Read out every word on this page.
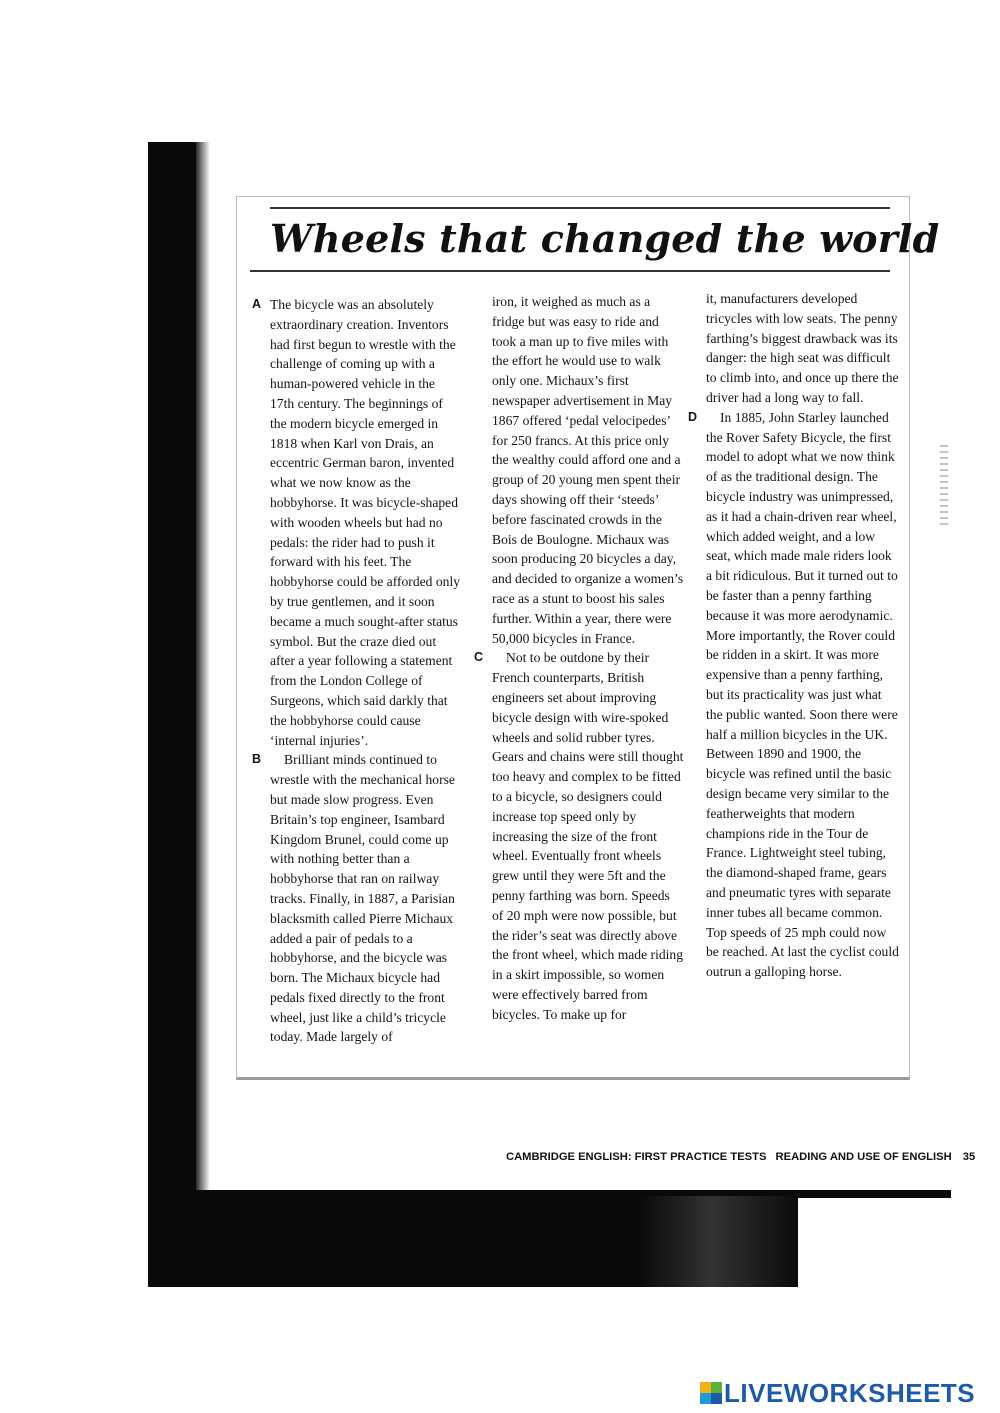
Wheels that changed the world

A The bicycle was an absolutely extraordinary creation. Inventors had first begun to wrestle with the challenge of coming up with a human-powered vehicle in the 17th century. The beginnings of the modern bicycle emerged in 1818 when Karl von Drais, an eccentric German baron, invented what we now know as the hobbyhorse. It was bicycle-shaped with wooden wheels but had no pedals: the rider had to push it forward with his feet. The hobbyhorse could be afforded only by true gentlemen, and it soon became a much sought-after status symbol. But the craze died out after a year following a statement from the London College of Surgeons, which said darkly that the hobbyhorse could cause ‘internal injuries’.

B Brilliant minds continued to wrestle with the mechanical horse but made slow progress. Even Britain’s top engineer, Isambard Kingdom Brunel, could come up with nothing better than a hobbyhorse that ran on railway tracks. Finally, in 1887, a Parisian blacksmith called Pierre Michaux added a pair of pedals to a hobbyhorse, and the bicycle was born. The Michaux bicycle had pedals fixed directly to the front wheel, just like a child’s tricycle today. Made largely of

iron, it weighed as much as a fridge but was easy to ride and took a man up to five miles with the effort he would use to walk only one. Michaux’s first newspaper advertisement in May 1867 offered ‘pedal velocipedes’ for 250 francs. At this price only the wealthy could afford one and a group of 20 young men spent their days showing off their ‘steeds’ before fascinated crowds in the Bois de Boulogne. Michaux was soon producing 20 bicycles a day, and decided to organize a women’s race as a stunt to boost his sales further. Within a year, there were 50,000 bicycles in France.

C Not to be outdone by their French counterparts, British engineers set about improving bicycle design with wire-spoked wheels and solid rubber tyres. Gears and chains were still thought too heavy and complex to be fitted to a bicycle, so designers could increase top speed only by increasing the size of the front wheel. Eventually front wheels grew until they were 5ft and the penny farthing was born. Speeds of 20 mph were now possible, but the rider’s seat was directly above the front wheel, which made riding in a skirt impossible, so women were effectively barred from bicycles. To make up for

it, manufacturers developed tricycles with low seats. The penny farthing’s biggest drawback was its danger: the high seat was difficult to climb into, and once up there the driver had a long way to fall.

D In 1885, John Starley launched the Rover Safety Bicycle, the first model to adopt what we now think of as the traditional design. The bicycle industry was unimpressed, as it had a chain-driven rear wheel, which added weight, and a low seat, which made male riders look a bit ridiculous. But it turned out to be faster than a penny farthing because it was more aerodynamic. More importantly, the Rover could be ridden in a skirt. It was more expensive than a penny farthing, but its practicality was just what the public wanted. Soon there were half a million bicycles in the UK. Between 1890 and 1900, the bicycle was refined until the basic design became very similar to the featherweights that modern champions ride in the Tour de France. Lightweight steel tubing, the diamond-shaped frame, gears and pneumatic tyres with separate inner tubes all became common. Top speeds of 25 mph could now be reached. At last the cyclist could outrun a galloping horse.

CAMBRIDGE ENGLISH: FIRST PRACTICE TESTS READING AND USE OF ENGLISH 35
LIVEWORKSHEETS
